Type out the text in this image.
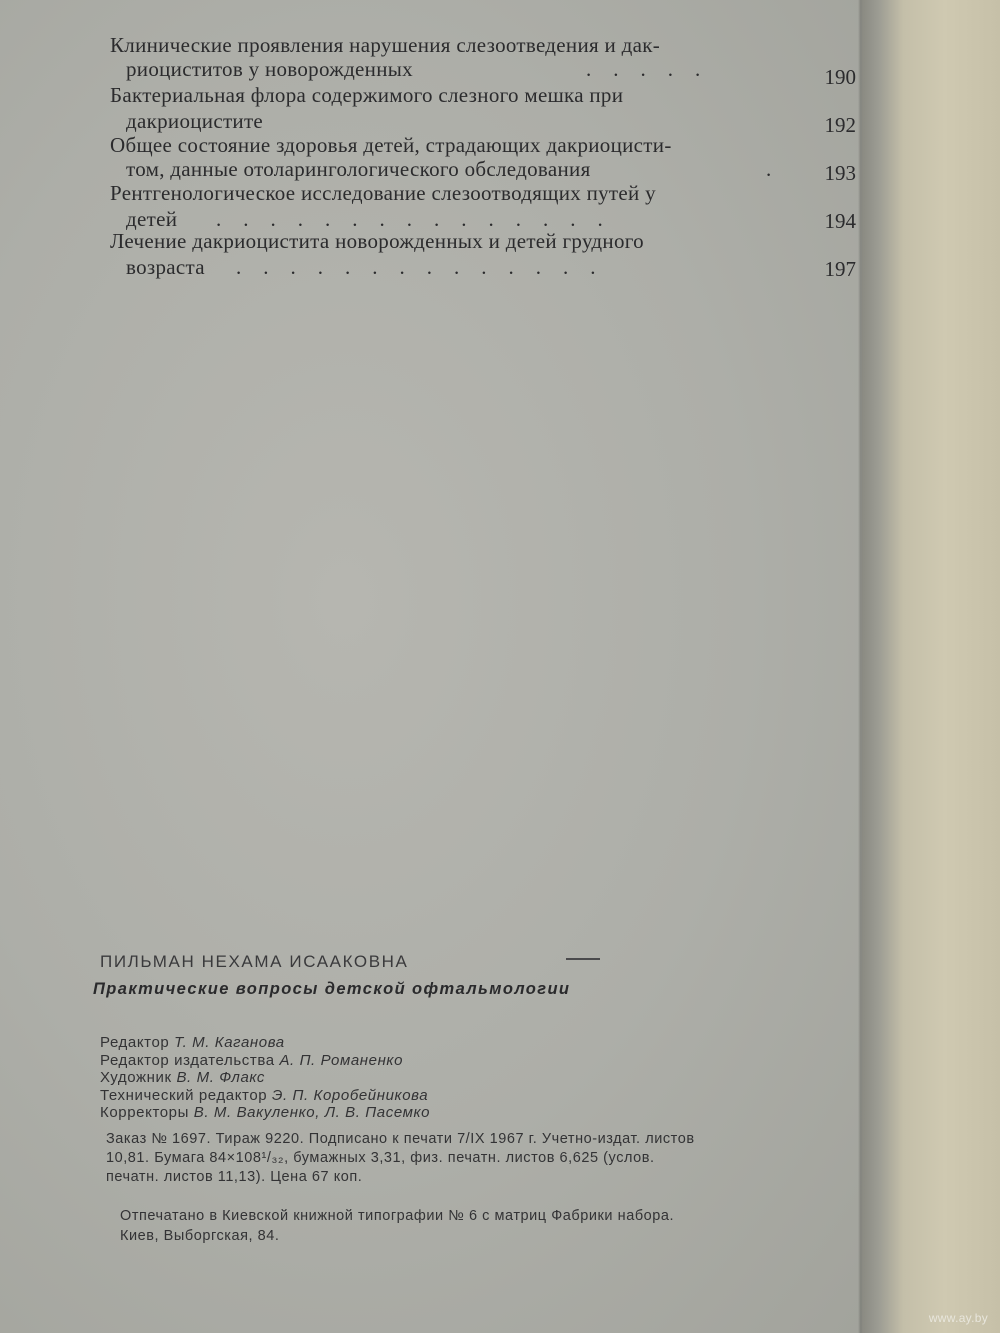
Клинические проявления нарушения слезоотведения и дак-
риоциститов у новорожденных	.....	190
Бактериальная флора содержимого слезного мешка при
дакриоцистите	192
Общее состояние здоровья детей, страдающих дакриоцисти-
том, данные отоларингологического обследования	.	193
Рентгенологическое исследование слезоотводящих путей у
детей ...............	194
Лечение дакриоцистита новорожденных и детей грудного
возраста ..............	197
ПИЛЬМАН НЕХАМА ИСААКОВНА
Практические вопросы детской офтальмологии
Редактор Т. М. Каганова
Редактор издательства А. П. Романенко
Художник В. М. Флакс
Технический редактор Э. П. Коробейникова
Корректоры В. М. Вакуленко, Л. В. Пасемко
Заказ № 1697. Тираж 9220. Подписано к печати 7/IX 1967 г. Учетно-издат. листов
10,81. Бумага 84×108¹/₃₂, бумажных 3,31, физ. печатн. листов 6,625 (услов.
печатн. листов 11,13). Цена 67 коп.
Отпечатано в Киевской книжной типографии № 6 с матриц Фабрики набора.
Киев, Выборгская, 84.
www.ay.by
